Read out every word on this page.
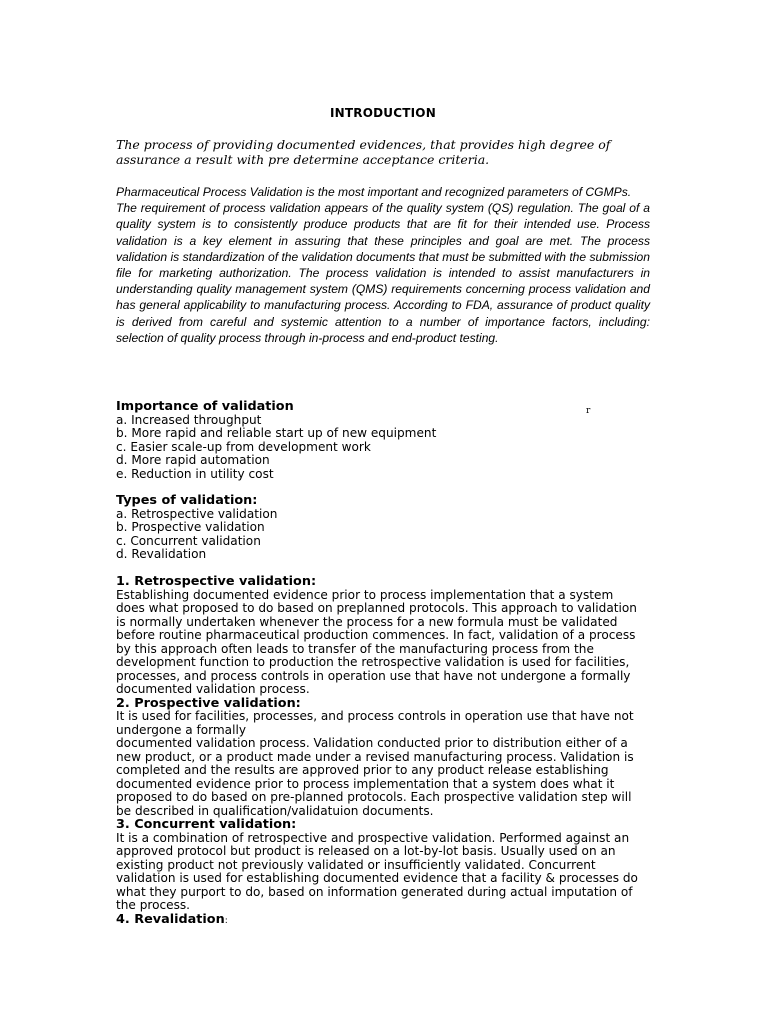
INTRODUCTION
The process of providing documented evidences, that provides high degree of assurance a result with pre determine acceptance criteria.

Pharmaceutical Process Validation is the most important and recognized parameters of CGMPs.

The requirement of process validation appears of the quality system (QS) regulation. The goal of a quality system is to consistently produce products that are fit for their intended use. Process validation is a key element in assuring that these principles and goal are met. The process validation is standardization of the validation documents that must be submitted with the submission file for marketing authorization. The process validation is intended to assist manufacturers in understanding quality management system (QMS) requirements concerning process validation and has general applicability to manufacturing process. According to FDA, assurance of product quality is derived from careful and systemic attention to a number of importance factors, including: selection of quality process through in-process and end-product testing.

r
Importance of validation
a. Increased throughput
b. More rapid and reliable start up of new equipment
c. Easier scale-up from development work
d. More rapid automation
e. Reduction in utility cost
Types of validation:
a. Retrospective validation
b. Prospective validation
c. Concurrent validation
d. Revalidation
1. Retrospective validation:
Establishing documented evidence prior to process implementation that a system
does what proposed to do based on preplanned protocols. This approach to validation
is normally undertaken whenever the process for a new formula must be validated
before routine pharmaceutical production commences. In fact, validation of a process
by this approach often leads to transfer of the manufacturing process from the
development function to production the retrospective validation is used for facilities,
processes, and process controls in operation use that have not undergone a formally
documented validation process.
2. Prospective validation:
It is used for facilities, processes, and process controls in operation use that have not
undergone a formally
documented validation process. Validation conducted prior to distribution either of a
new product, or a product made under a revised manufacturing process. Validation is
completed and the results are approved prior to any product release establishing
documented evidence prior to process implementation that a system does what it
proposed to do based on pre-planned protocols. Each prospective validation step will
be described in qualification/validatuion documents.
3. Concurrent validation:
It is a combination of retrospective and prospective validation. Performed against an
approved protocol but product is released on a lot-by-lot basis. Usually used on an
existing product not previously validated or insufficiently validated. Concurrent
validation is used for establishing documented evidence that a facility & processes do
what they purport to do, based on information generated during actual imputation of
the process.
4. Revalidation:
